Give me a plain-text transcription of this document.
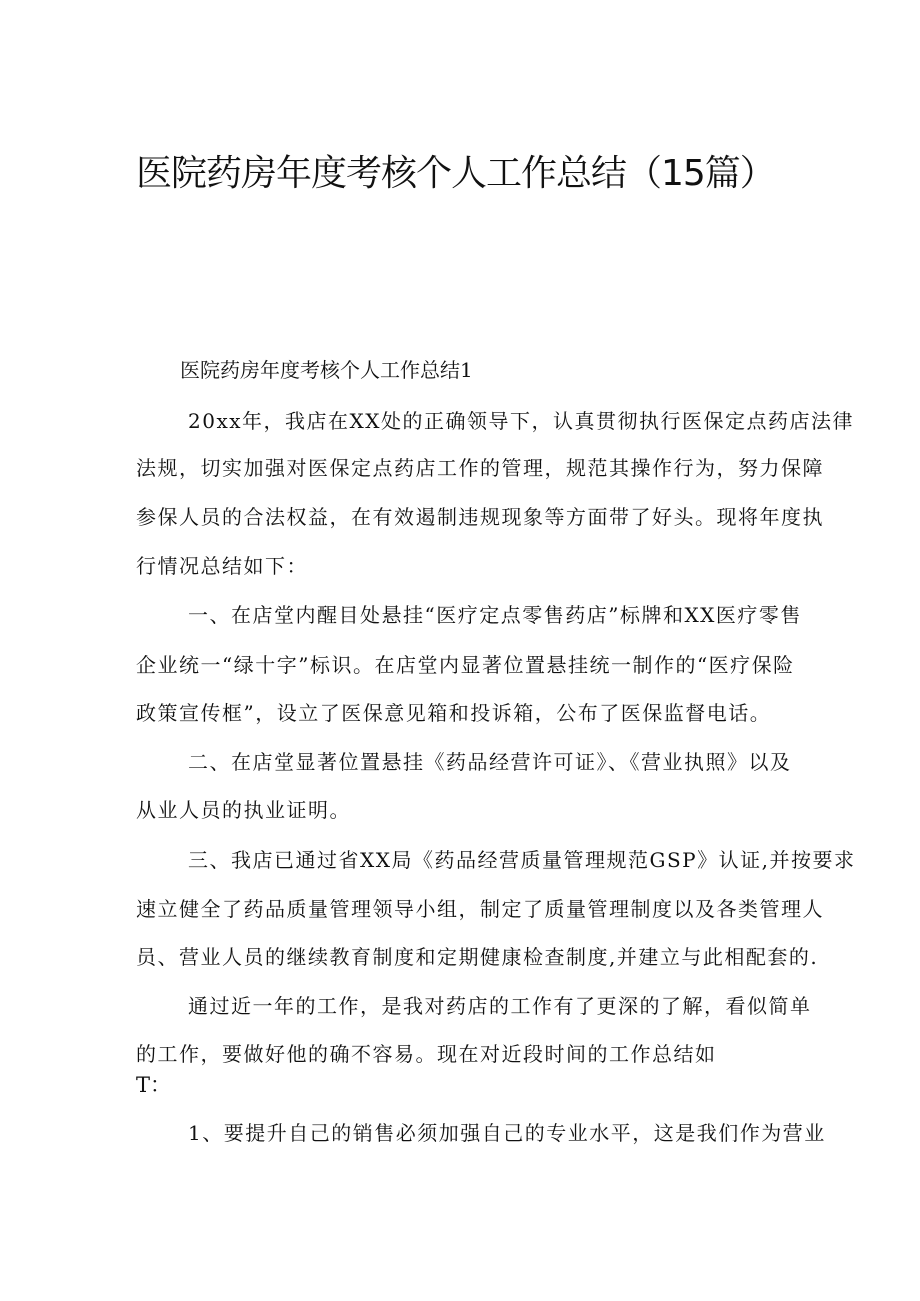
医院药房年度考核个人工作总结（15篇）
医院药房年度考核个人工作总结1
20xx年，我店在XX处的正确领导下，认真贯彻执行医保定点药店法律
法规，切实加强对医保定点药店工作的管理，规范其操作行为，努力保障
参保人员的合法权益，在有效遏制违规现象等方面带了好头。现将年度执
行情况总结如下：
一、在店堂内醒目处悬挂“医疗定点零售药店”标牌和XX医疗零售
企业统一“绿十字”标识。在店堂内显著位置悬挂统一制作的“医疗保险
政策宣传框”，设立了医保意见箱和投诉箱，公布了医保监督电话。
二、在店堂显著位置悬挂《药品经营许可证》、《营业执照》以及
从业人员的执业证明。
三、我店已通过省XX局《药品经营质量管理规范GSP》认证,并按要求
速立健全了药品质量管理领导小组，制定了质量管理制度以及各类管理人
员、营业人员的继续教育制度和定期健康检查制度,并建立与此相配套的.
通过近一年的工作，是我对药店的工作有了更深的了解，看似简单
的工作，要做好他的确不容易。现在对近段时间的工作总结如
T：
1、要提升自己的销售必须加强自己的专业水平，这是我们作为营业
